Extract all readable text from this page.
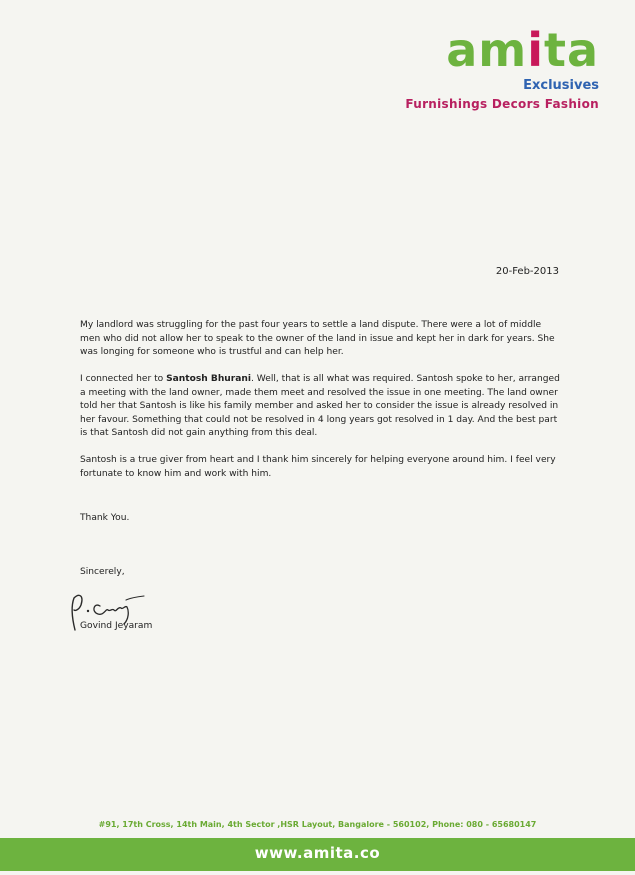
amita
Exclusives
Furnishings Decors Fashion
20-Feb-2013

My landlord was struggling for the past four years to settle a land dispute. There were a lot of middle men who did not allow her to speak to the owner of the land in issue and kept her in dark for years. She was longing for someone who is trustful and can help her.

I connected her to Santosh Bhurani. Well, that is all what was required. Santosh spoke to her, arranged a meeting with the land owner, made them meet and resolved the issue in one meeting. The land owner told her that Santosh is like his family member and asked her to consider the issue is already resolved in her favour. Something that could not be resolved in 4 long years got resolved in 1 day. And the best part is that Santosh did not gain anything from this deal.

Santosh is a true giver from heart and I thank him sincerely for helping everyone around him. I feel very fortunate to know him and work with him.

Thank You.
Sincerely,
Govind Jeyaram
#91, 17th Cross, 14th Main, 4th Sector ,HSR Layout, Bangalore - 560102, Phone: 080 - 65680147
www.amita.co
